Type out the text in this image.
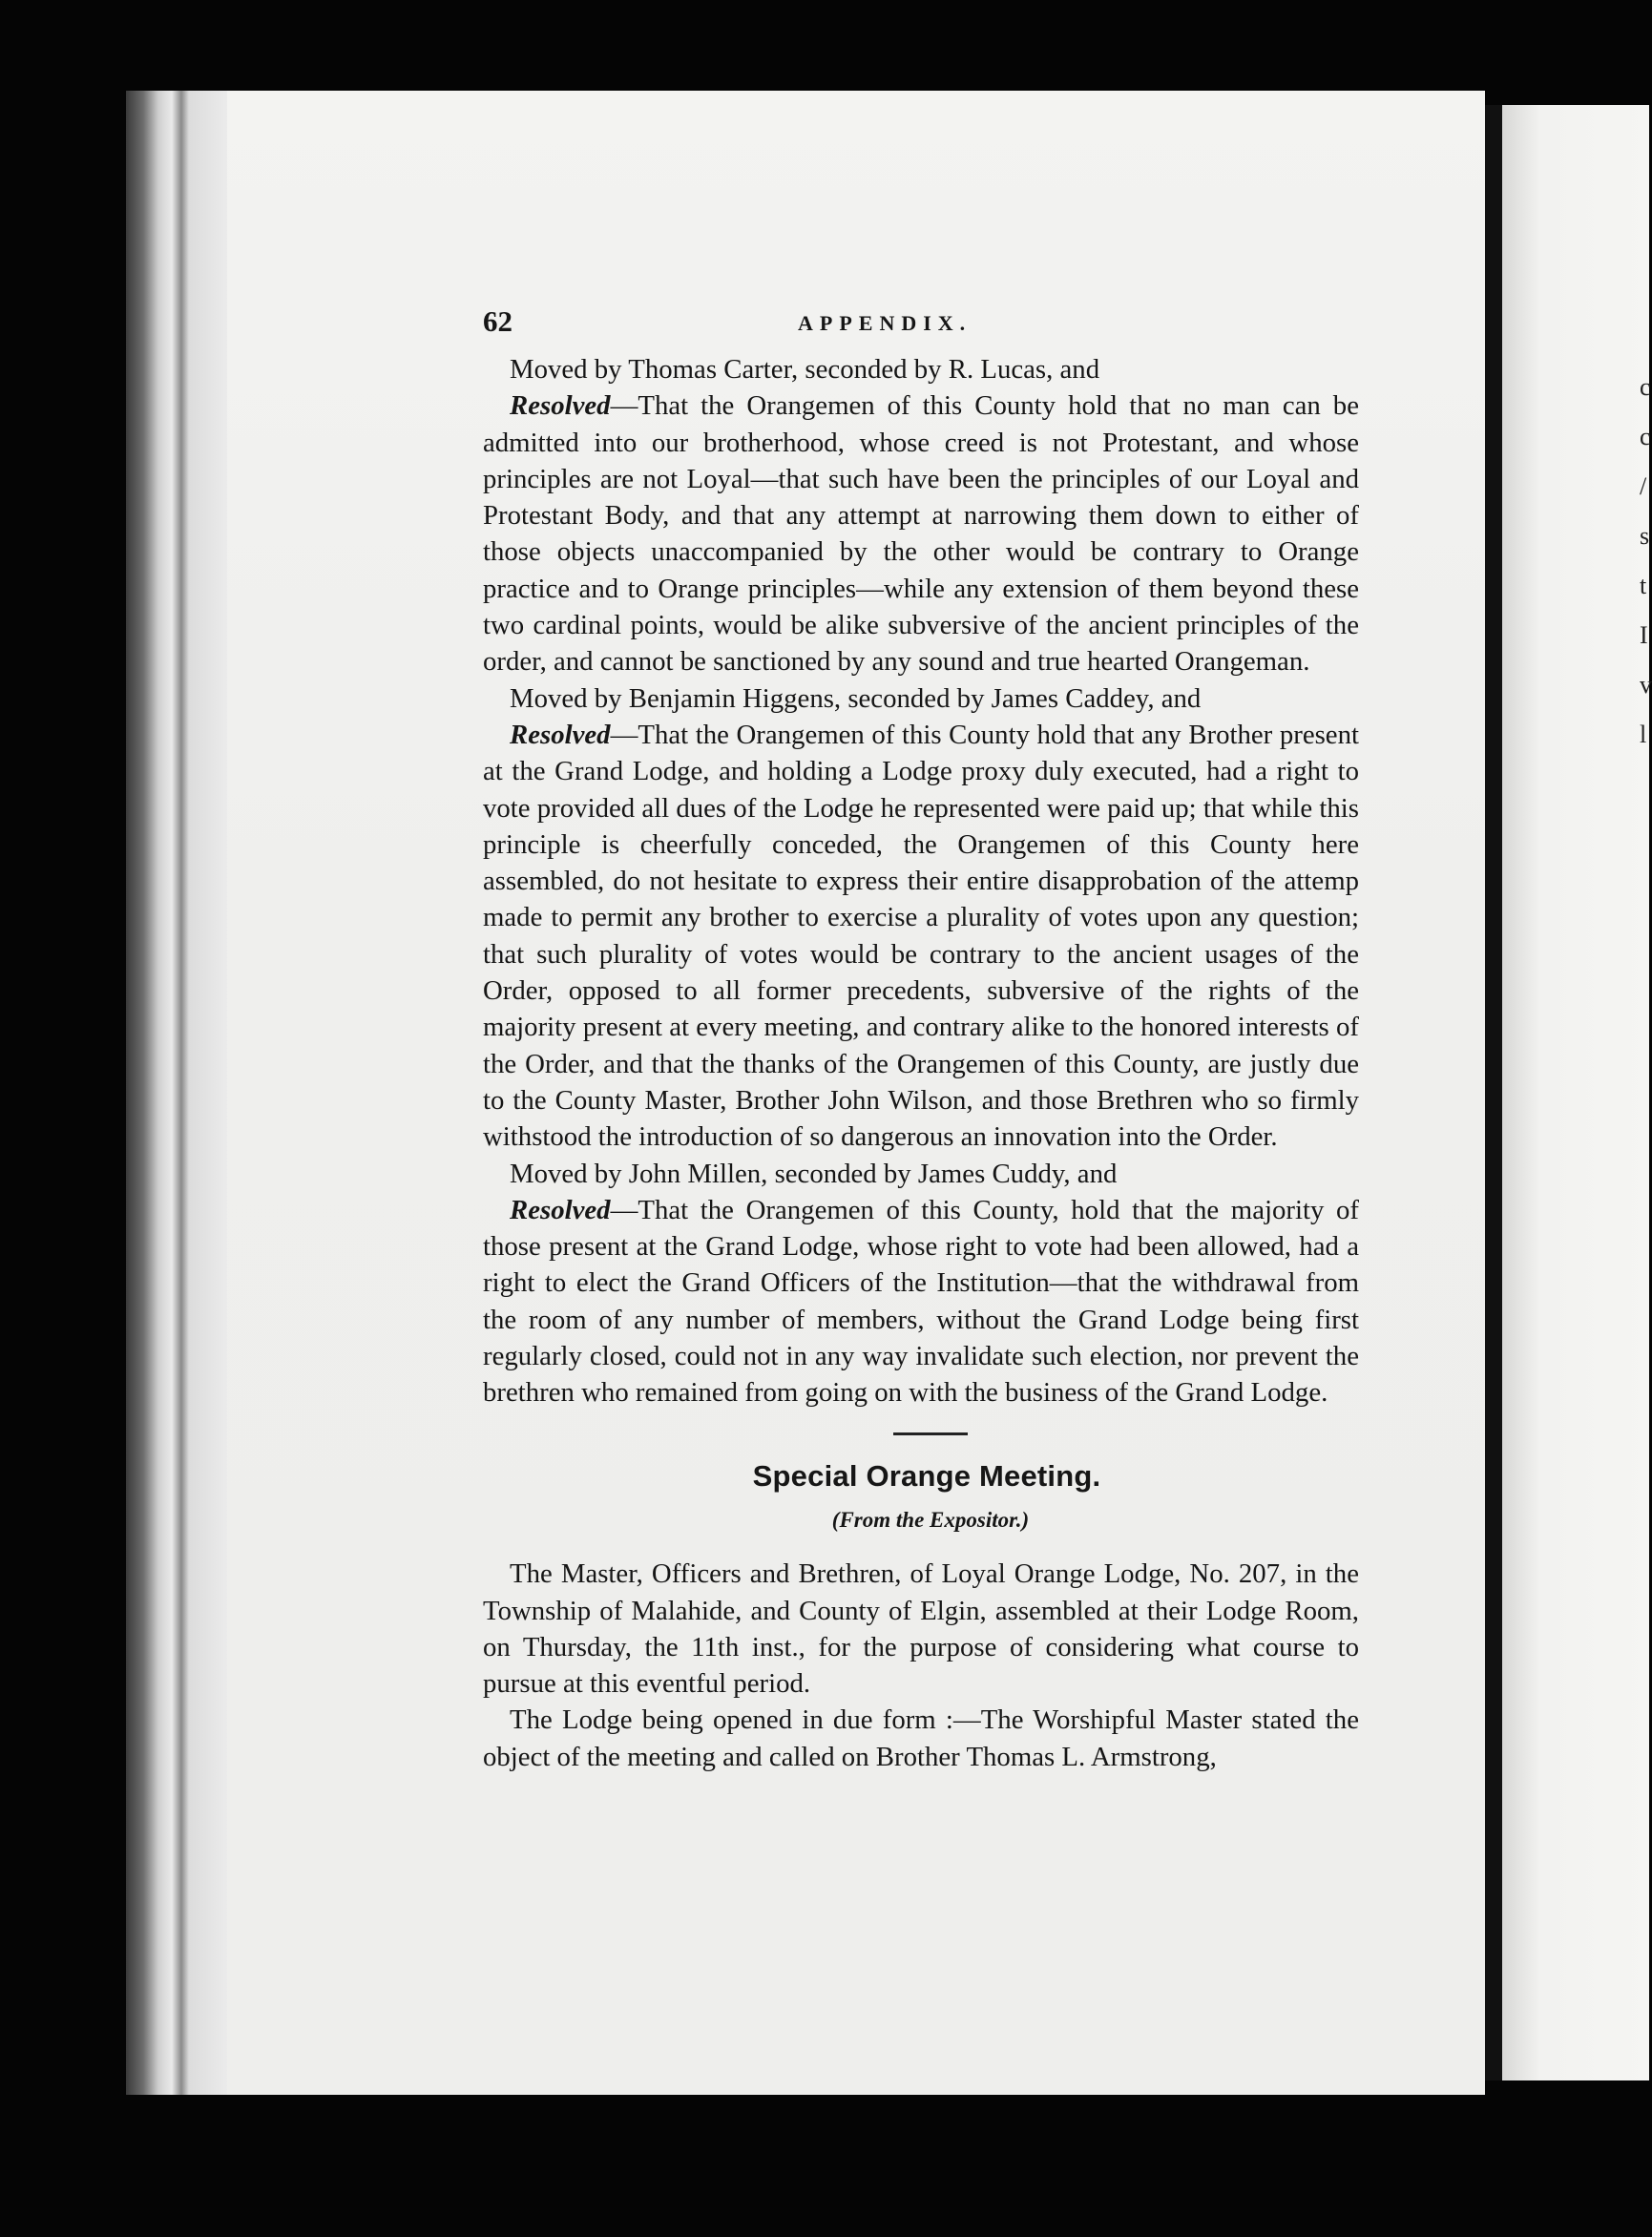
c c / s t I v l
62	APPENDIX.

Moved by Thomas Carter, seconded by R. Lucas, and

Resolved—That the Orangemen of this County hold that no man can be admitted into our brotherhood, whose creed is not Protestant, and whose principles are not Loyal—that such have been the principles of our Loyal and Protestant Body, and that any attempt at narrowing them down to either of those objects unaccompanied by the other would be contrary to Orange practice and to Orange principles—while any extension of them beyond these two cardinal points, would be alike subversive of the ancient principles of the order, and cannot be sanctioned by any sound and true hearted Orangeman.

Moved by Benjamin Higgens, seconded by James Caddey, and

Resolved—That the Orangemen of this County hold that any Brother present at the Grand Lodge, and holding a Lodge proxy duly executed, had a right to vote provided all dues of the Lodge he represented were paid up; that while this principle is cheerfully conceded, the Orangemen of this County here assembled, do not hesitate to express their entire disapprobation of the attemp made to permit any brother to exercise a plurality of votes upon any question; that such plurality of votes would be contrary to the ancient usages of the Order, opposed to all former precedents, subversive of the rights of the majority present at every meeting, and contrary alike to the honored interests of the Order, and that the thanks of the Orangemen of this County, are justly due to the County Master, Brother John Wilson, and those Brethren who so firmly withstood the introduction of so dangerous an innovation into the Order.

Moved by John Millen, seconded by James Cuddy, and

Resolved—That the Orangemen of this County, hold that the majority of those present at the Grand Lodge, whose right to vote had been allowed, had a right to elect the Grand Officers of the Institution—that the withdrawal from the room of any number of members, without the Grand Lodge being first regularly closed, could not in any way invalidate such election, nor prevent the brethren who remained from going on with the business of the Grand Lodge.

Special Orange Meeting.
(From the Expositor.)

The Master, Officers and Brethren, of Loyal Orange Lodge, No. 207, in the Township of Malahide, and County of Elgin, assembled at their Lodge Room, on Thursday, the 11th inst., for the purpose of considering what course to pursue at this eventful period.

The Lodge being opened in due form :—The Worshipful Master stated the object of the meeting and called on Brother Thomas L. Armstrong,
